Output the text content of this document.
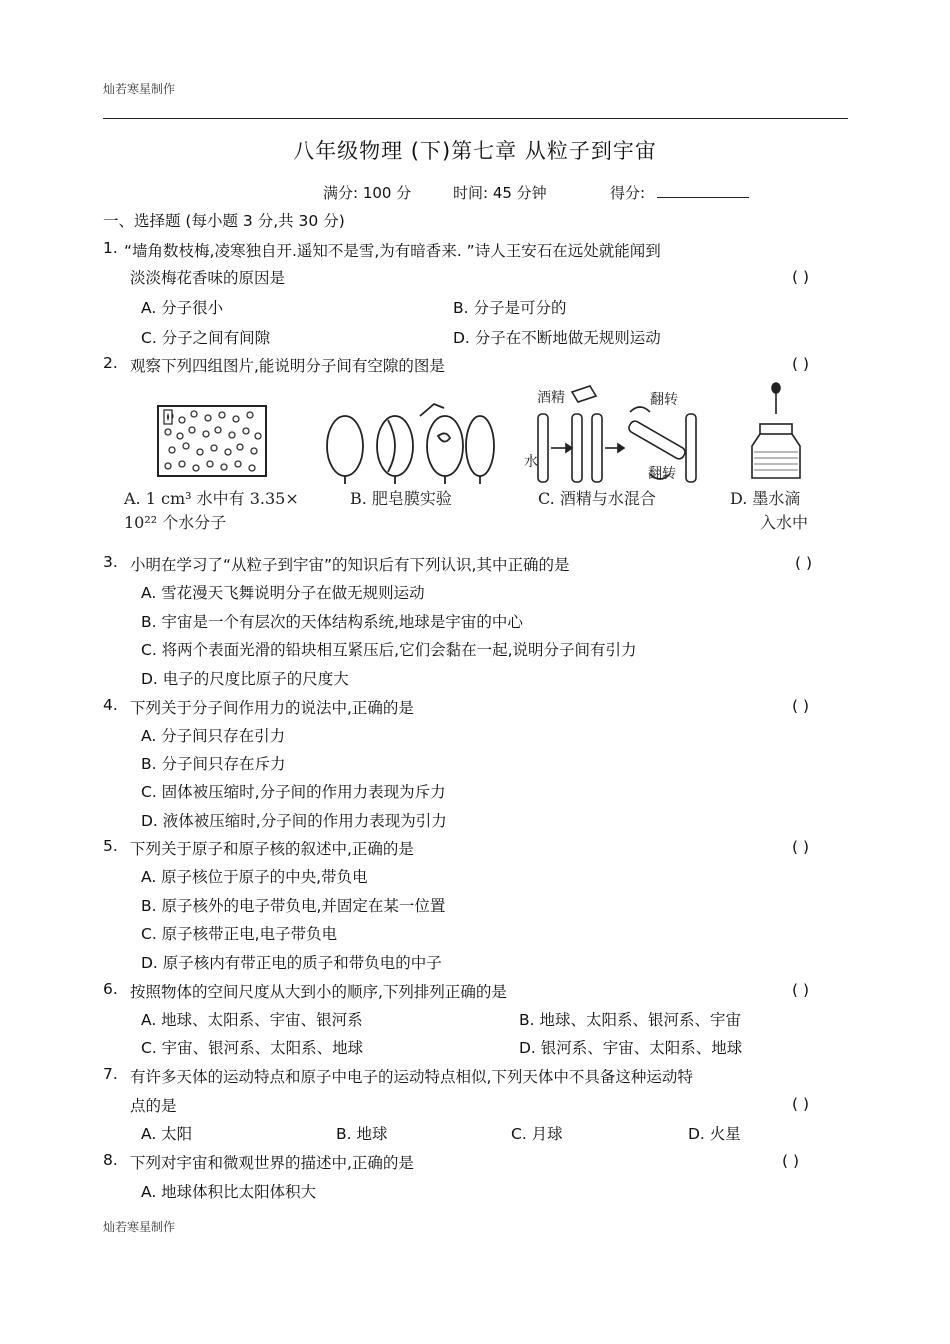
灿若寒星制作
八年级物理 (下)第七章 从粒子到宇宙
满分: 100 分	时间: 45 分钟	得分:
一、选择题 (每小题 3 分,共 30 分)
1. “墙角数枝梅,凌寒独自开.遥知不是雪,为有暗香来. ”诗人王安石在远处就能闻到
淡淡梅花香味的原因是	( )
A. 分子很小	B. 分子是可分的
C. 分子之间有间隙	D. 分子在不断地做无规则运动
2. 观察下列四组图片,能说明分子间有空隙的图是	( )
A. 1 cm³ 水中有 3.35×
10²² 个水分子
B. 肥皂膜实验
酒精
水
翻转
翻转
C. 酒精与水混合	D. 墨水滴
入水中
3. 小明在学习了“从粒子到宇宙”的知识后有下列认识,其中正确的是	( )
A. 雪花漫天飞舞说明分子在做无规则运动
B. 宇宙是一个有层次的天体结构系统,地球是宇宙的中心
C. 将两个表面光滑的铅块相互紧压后,它们会黏在一起,说明分子间有引力
D. 电子的尺度比原子的尺度大
4. 下列关于分子间作用力的说法中,正确的是	( )
A. 分子间只存在引力
B. 分子间只存在斥力
C. 固体被压缩时,分子间的作用力表现为斥力
D. 液体被压缩时,分子间的作用力表现为引力
5. 下列关于原子和原子核的叙述中,正确的是	( )
A. 原子核位于原子的中央,带负电
B. 原子核外的电子带负电,并固定在某一位置
C. 原子核带正电,电子带负电
D. 原子核内有带正电的质子和带负电的中子
6. 按照物体的空间尺度从大到小的顺序,下列排列正确的是	( )
A. 地球、太阳系、宇宙、银河系	B. 地球、太阳系、银河系、宇宙
C. 宇宙、银河系、太阳系、地球	D. 银河系、宇宙、太阳系、地球
7. 有许多天体的运动特点和原子中电子的运动特点相似,下列天体中不具备这种运动特
点的是	( )
A. 太阳	B. 地球	C. 月球	D. 火星
8. 下列对宇宙和微观世界的描述中,正确的是	( )
A. 地球体积比太阳体积大
灿若寒星制作
